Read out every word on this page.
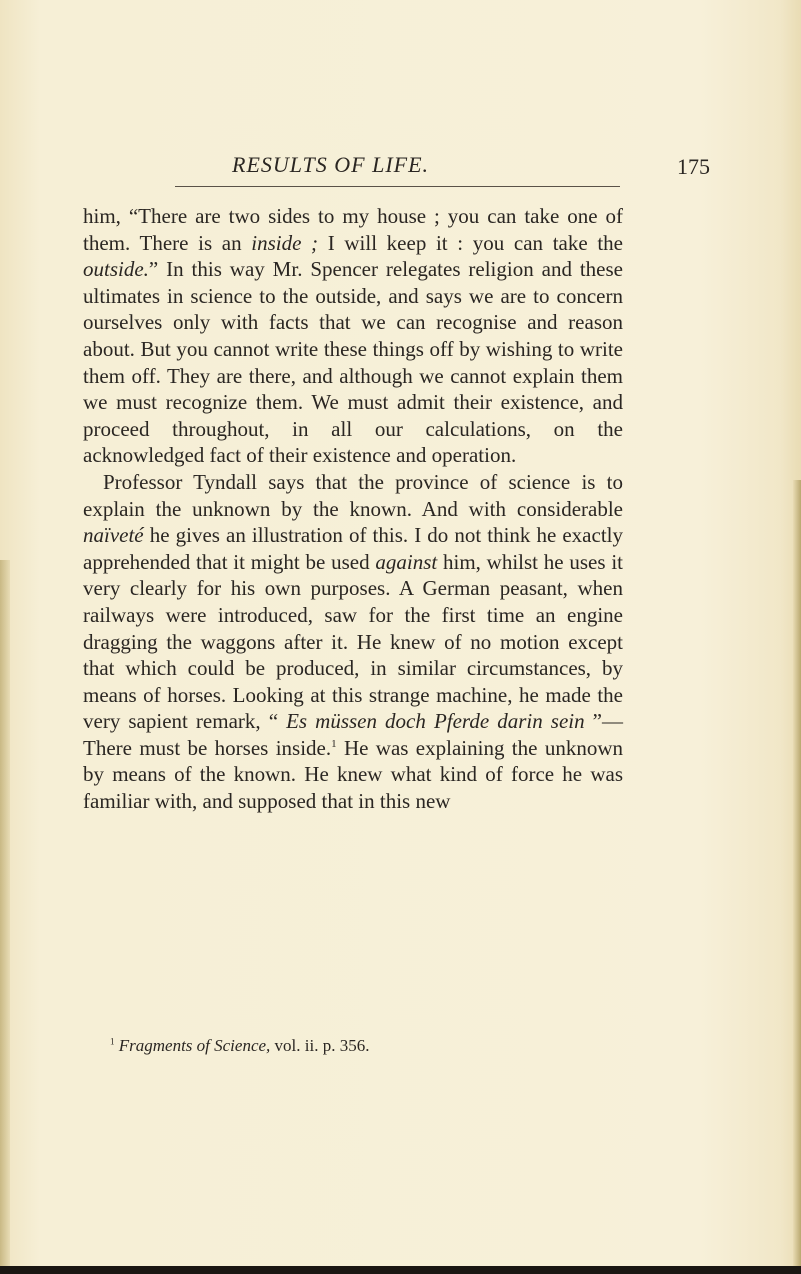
RESULTS OF LIFE.	175

him, “There are two sides to my house ; you can take one of them. There is an inside ; I will keep it : you can take the outside.” In this way Mr. Spencer relegates religion and these ultimates in science to the outside, and says we are to concern ourselves only with facts that we can recognise and reason about. But you cannot write these things off by wishing to write them off. They are there, and although we cannot explain them we must recognize them. We must admit their existence, and proceed throughout, in all our calculations, on the acknowledged fact of their existence and operation.

Professor Tyndall says that the province of science is to explain the unknown by the known. And with considerable naïveté he gives an illustration of this. I do not think he exactly apprehended that it might be used against him, whilst he uses it very clearly for his own purposes. A German peasant, when railways were introduced, saw for the first time an engine dragging the waggons after it. He knew of no motion except that which could be produced, in similar circumstances, by means of horses. Looking at this strange machine, he made the very sapient remark, “ Es müssen doch Pferde darin sein ”—There must be horses inside.$^1$ He was explaining the unknown by means of the known. He knew what kind of force he was familiar with, and supposed that in this new

$^1$ Fragments of Science, vol. ii. p. 356.
